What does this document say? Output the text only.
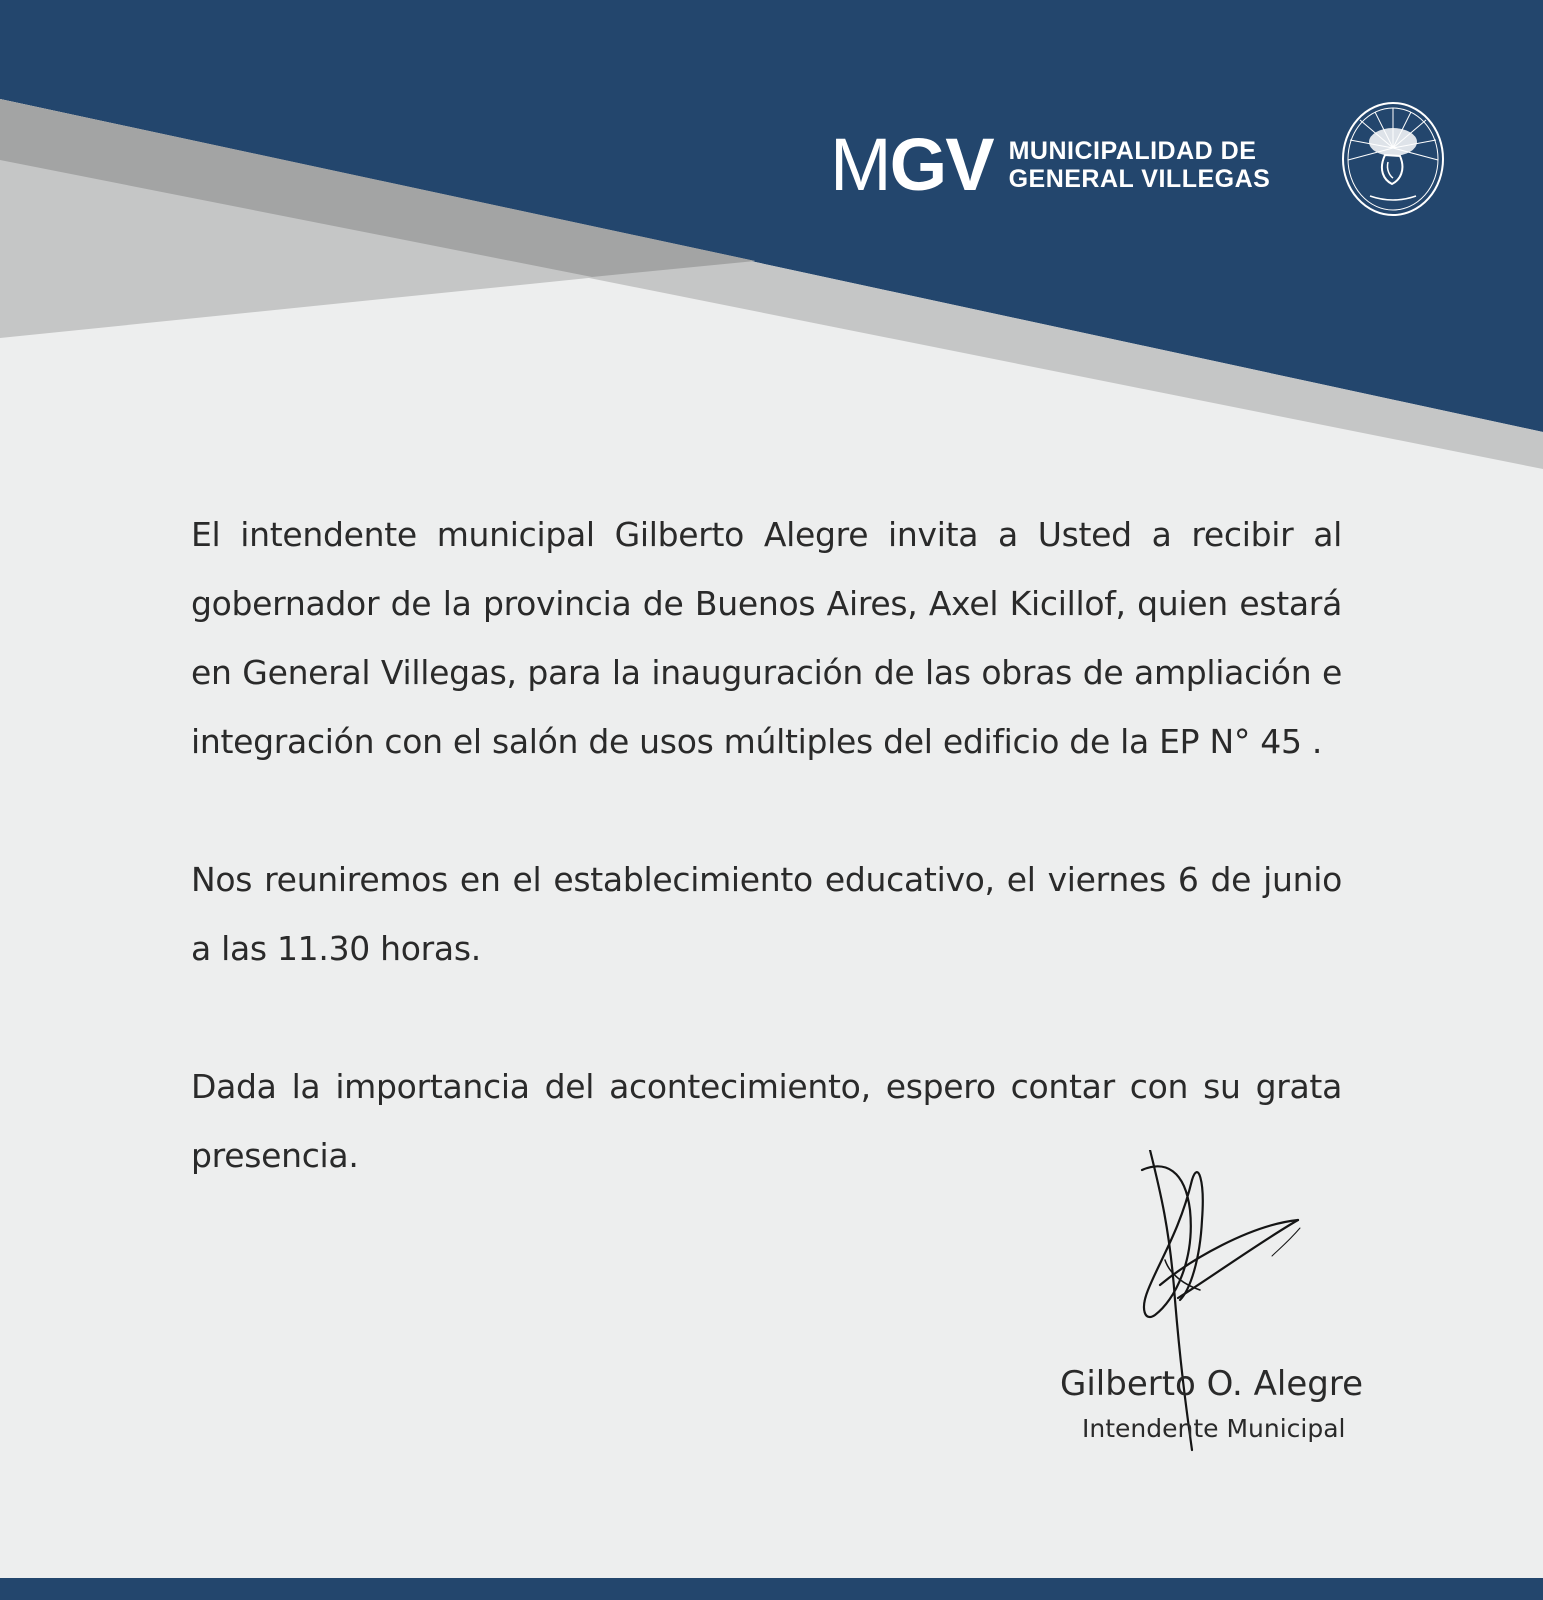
MGV MUNICIPALIDAD DE
GENERAL VILLEGAS

El intendente municipal Gilberto Alegre invita a Usted a recibir al gobernador de la provincia de Buenos Aires, Axel Kicillof, quien estará en General Villegas, para la inauguración de las obras de ampliación e integración con el salón de usos múltiples del edificio de la EP N° 45 .

Nos reuniremos en el establecimiento educativo, el viernes 6 de junio a las 11.30 horas.

Dada la importancia del acontecimiento, espero contar con su grata presencia.

Gilberto O. Alegre
Intendente Municipal
